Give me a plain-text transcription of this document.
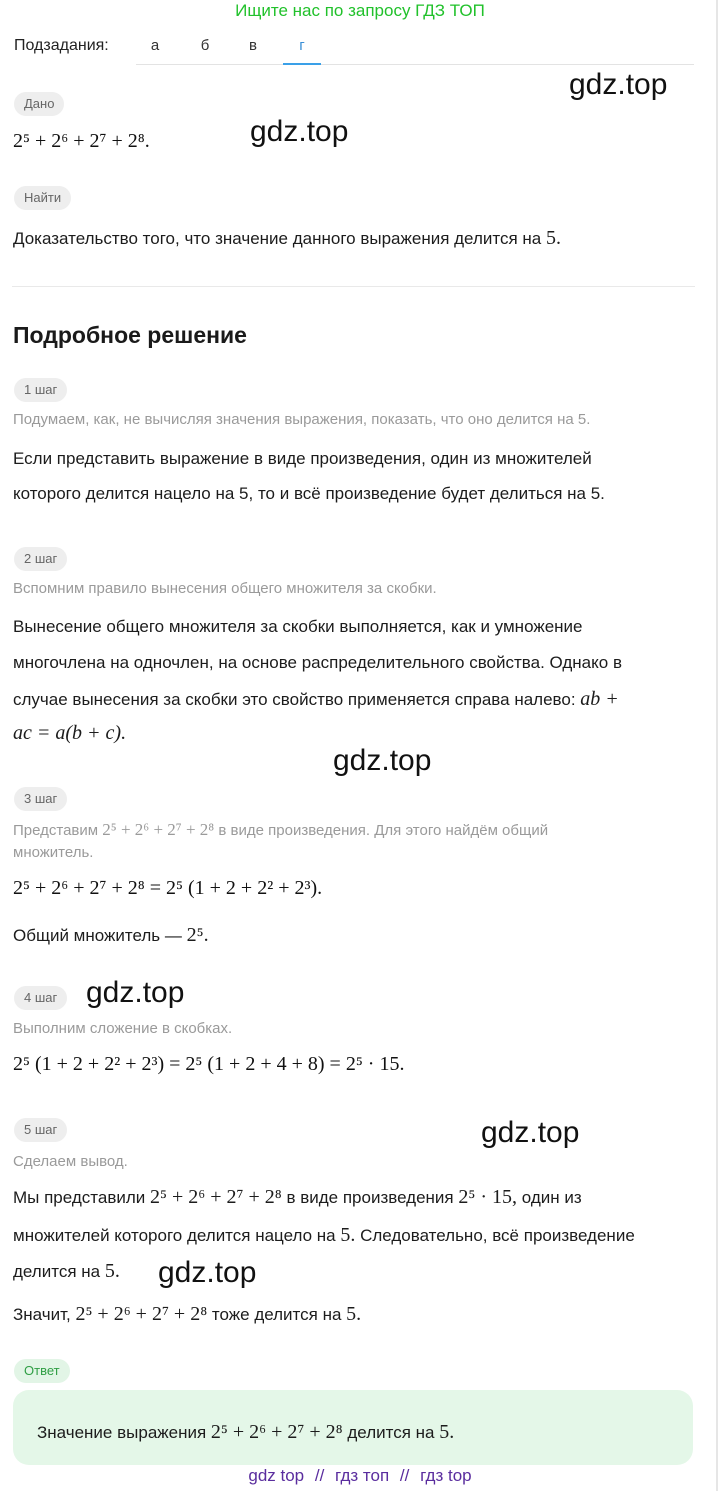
Ищите нас по запросу ГДЗ ТОП
Подзадания:	а	б	в	г
gdz.top
gdz.top
gdz.top
gdz.top
gdz.top
gdz.top
Дано
2⁵ + 2⁶ + 2⁷ + 2⁸.
Найти
Доказательство того, что значение данного выражения делится на 5.
Подробное решение
1 шаг
Подумаем, как, не вычисляя значения выражения, показать, что оно делится на 5.
Если представить выражение в виде произведения, один из множителей
которого делится нацело на 5, то и всё произведение будет делиться на 5.
2 шаг
Вспомним правило вынесения общего множителя за скобки.
Вынесение общего множителя за скобки выполняется, как и умножение
многочлена на одночлен, на основе распределительного свойства. Однако в
случае вынесения за скобки это свойство применяется справа налево: ab +
ac = a(b + c).
3 шаг
Представим 2⁵ + 2⁶ + 2⁷ + 2⁸ в виде произведения. Для этого найдём общий
множитель.
2⁵ + 2⁶ + 2⁷ + 2⁸ = 2⁵ (1 + 2 + 2² + 2³).
Общий множитель — 2⁵.
4 шаг
Выполним сложение в скобках.
2⁵ (1 + 2 + 2² + 2³) = 2⁵ (1 + 2 + 4 + 8) = 2⁵ · 15.
5 шаг
Сделаем вывод.
Мы представили 2⁵ + 2⁶ + 2⁷ + 2⁸ в виде произведения 2⁵ · 15, один из
множителей которого делится нацело на 5. Следовательно, всё произведение
делится на 5.
Значит, 2⁵ + 2⁶ + 2⁷ + 2⁸ тоже делится на 5.
Ответ
Значение выражения 2⁵ + 2⁶ + 2⁷ + 2⁸ делится на 5.
gdz top // гдз топ // гдз top
